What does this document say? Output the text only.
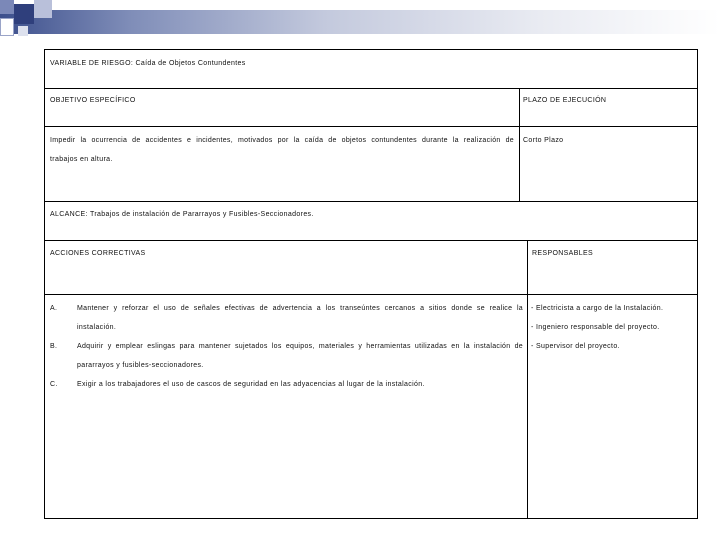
VARIABLE DE RIESGO: Caída de Objetos Contundentes
OBJETIVO ESPECÍFICO	PLAZO DE EJECUCIÓN
Impedir la ocurrencia de accidentes e incidentes, motivados por la caída de objetos contundentes durante la realización de
trabajos en altura.
Corto Plazo
ALCANCE: Trabajos de instalación de Pararrayos y Fusibles-Seccionadores.
ACCIONES CORRECTIVAS	RESPONSABLES
A.	Mantener y reforzar el uso de señales efectivas de advertencia a los transeúntes cercanos a sitios donde se realice la
instalación.
B.	Adquirir y emplear eslingas para mantener sujetados los equipos, materiales y herramientas utilizadas en la instalación de
pararrayos y fusibles-seccionadores.
C.	Exigir a los trabajadores el uso de cascos de seguridad en las adyacencias al lugar de la instalación.
- Electricista a cargo de la Instalación.
- Ingeniero responsable del proyecto.
- Supervisor del proyecto.
